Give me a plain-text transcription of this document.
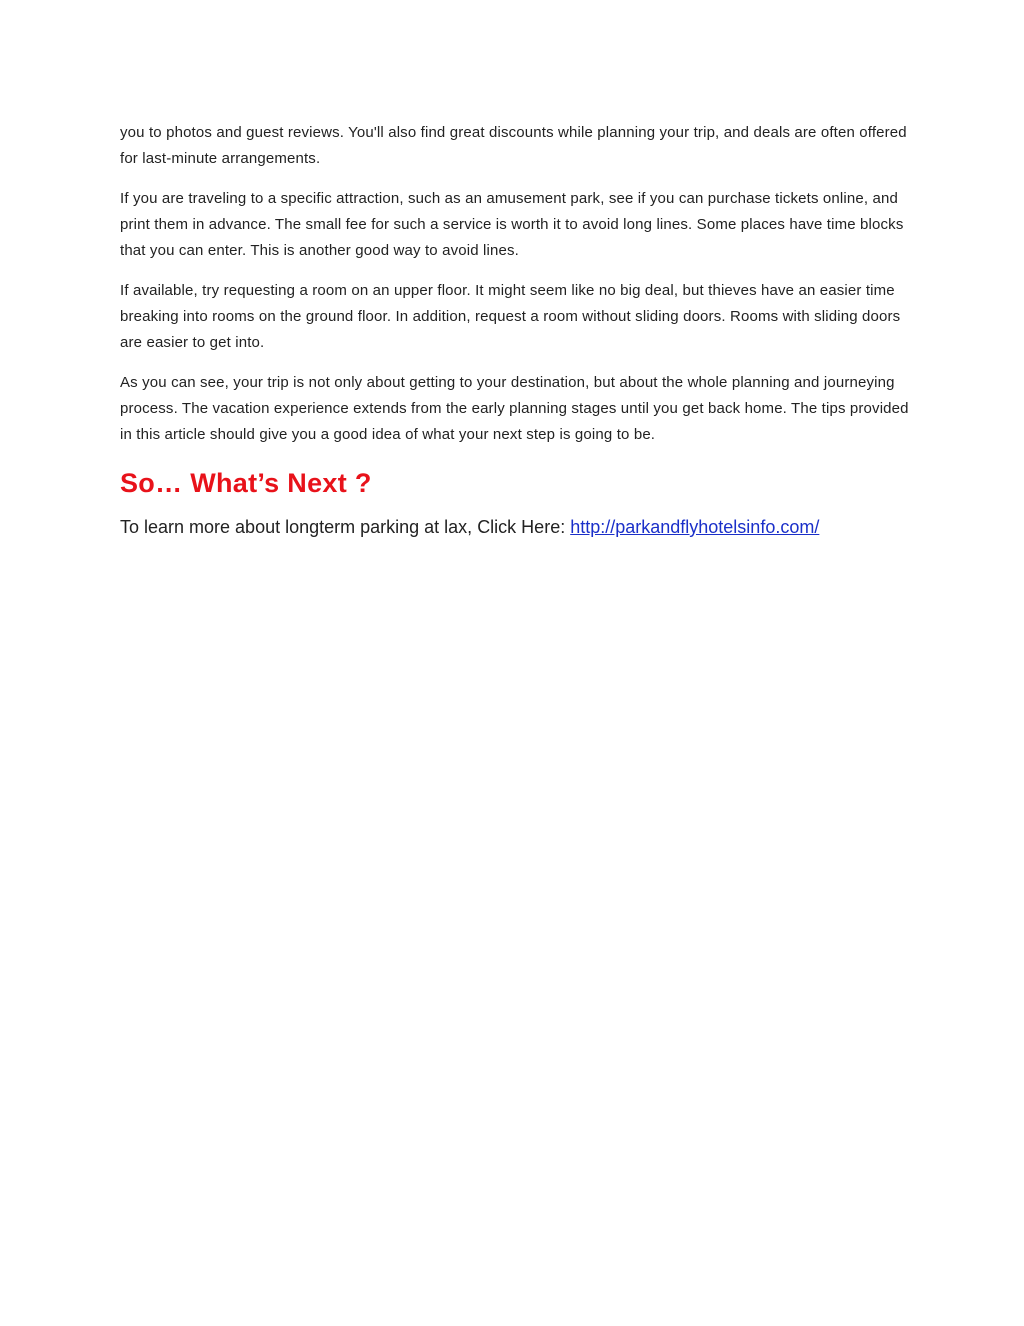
you to photos and guest reviews. You'll also find great discounts while planning your trip, and deals are often offered for last-minute arrangements.

If you are traveling to a specific attraction, such as an amusement park, see if you can purchase tickets online, and print them in advance. The small fee for such a service is worth it to avoid long lines. Some places have time blocks that you can enter. This is another good way to avoid lines.

If available, try requesting a room on an upper floor. It might seem like no big deal, but thieves have an easier time breaking into rooms on the ground floor. In addition, request a room without sliding doors. Rooms with sliding doors are easier to get into.

As you can see, your trip is not only about getting to your destination, but about the whole planning and journeying process. The vacation experience extends from the early planning stages until you get back home. The tips provided in this article should give you a good idea of what your next step is going to be.

So… What’s Next ?

To learn more about longterm parking at lax, Click Here: http://parkandflyhotelsinfo.com/
